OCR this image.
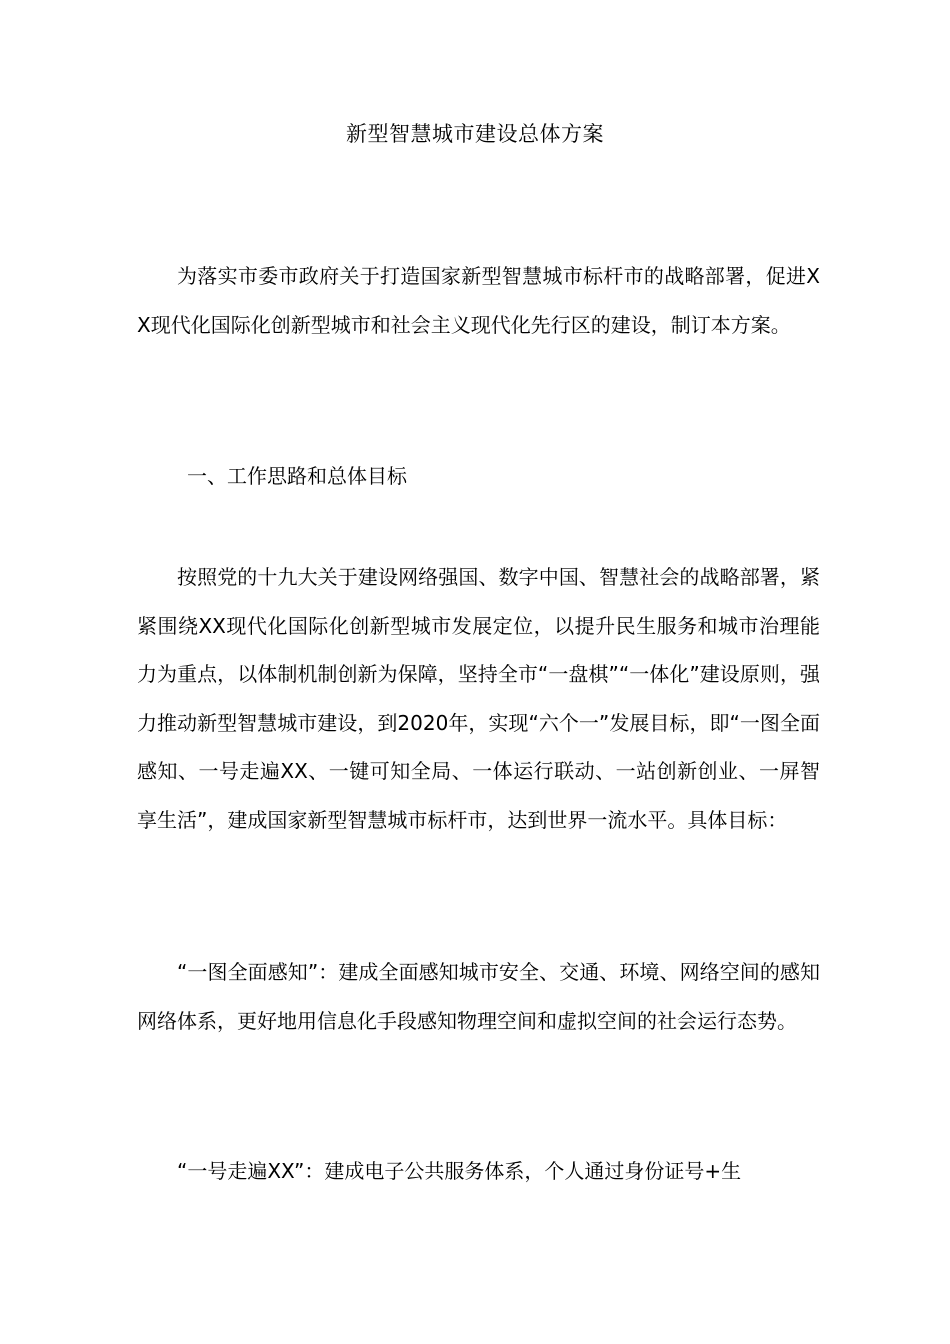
新型智慧城市建设总体方案

为落实市委市政府关于打造国家新型智慧城市标杆市的战略部署，促进XX现代化国际化创新型城市和社会主义现代化先行区的建设，制订本方案。

一、工作思路和总体目标

按照党的十九大关于建设网络强国、数字中国、智慧社会的战略部署，紧紧围绕XX现代化国际化创新型城市发展定位，以提升民生服务和城市治理能力为重点，以体制机制创新为保障，坚持全市“一盘棋”“一体化”建设原则，强力推动新型智慧城市建设，到2020年，实现“六个一”发展目标，即“一图全面感知、一号走遍XX、一键可知全局、一体运行联动、一站创新创业、一屏智享生活”，建成国家新型智慧城市标杆市，达到世界一流水平。具体目标：

“一图全面感知”：建成全面感知城市安全、交通、环境、网络空间的感知网络体系，更好地用信息化手段感知物理空间和虚拟空间的社会运行态势。

“一号走遍XX”：建成电子公共服务体系，个人通过身份证号+生
